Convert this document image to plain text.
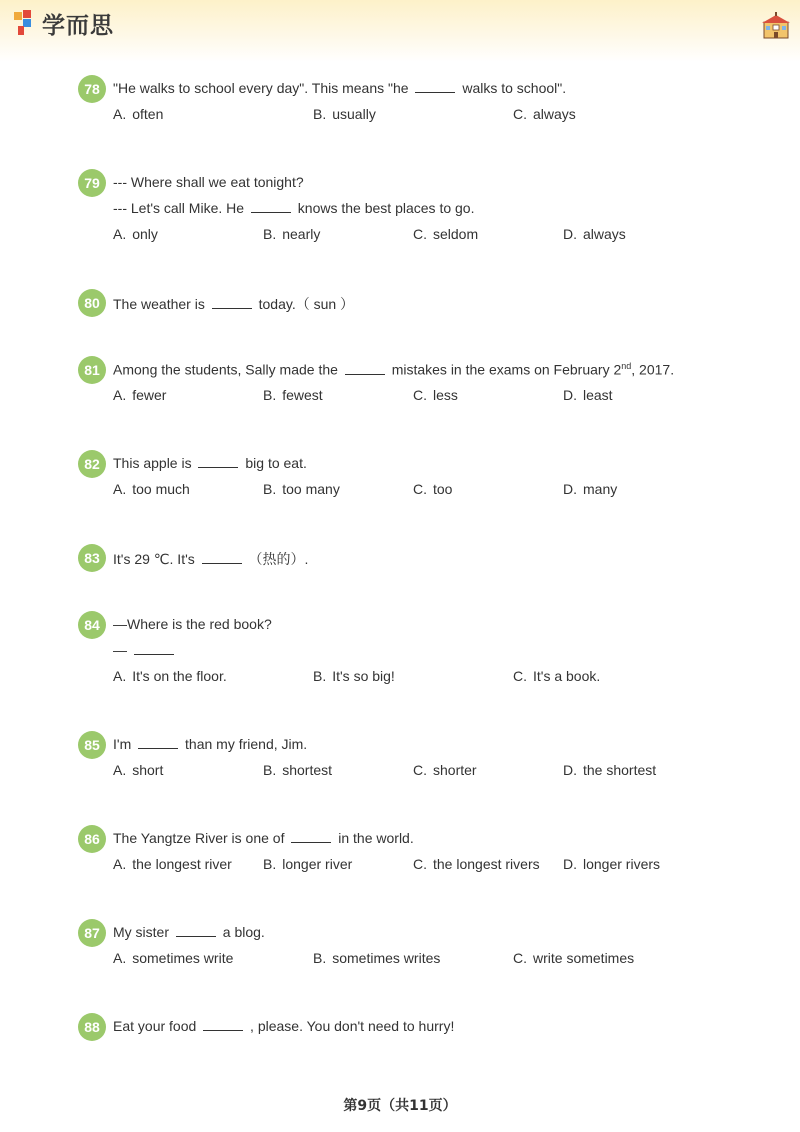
学而思
78 "He walks to school every day". This means "he	walks to school".
A. often	B. usually	C. always
79 --- Where shall we eat tonight?
--- Let's call Mike. He	knows the best places to go.
A. only	B. nearly	C. seldom	D. always
80 The weather is	today.（ sun ）
81 Among the students, Sally made the	mistakes in the exams on February 2nd, 2017.
A. fewer	B. fewest	C. less	D. least
82 This apple is	big to eat.
A. too much	B. too many	C. too	D. many
83 It's 29 ℃. It's	（热的）.
84 —Where is the red book?
—
A. It's on the floor.	B. It's so big!	C. It's a book.
85 I'm	than my friend, Jim.
A. short	B. shortest	C. shorter	D. the shortest
86 The Yangtze River is one of	in the world.
A. the longest river B. longer river	C. the longest rivers D. longer rivers
87 My sister	a blog.
A. sometimes write	B. sometimes writes	C. write sometimes
88 Eat your food	, please. You don't need to hurry!
第9页（共11页）
